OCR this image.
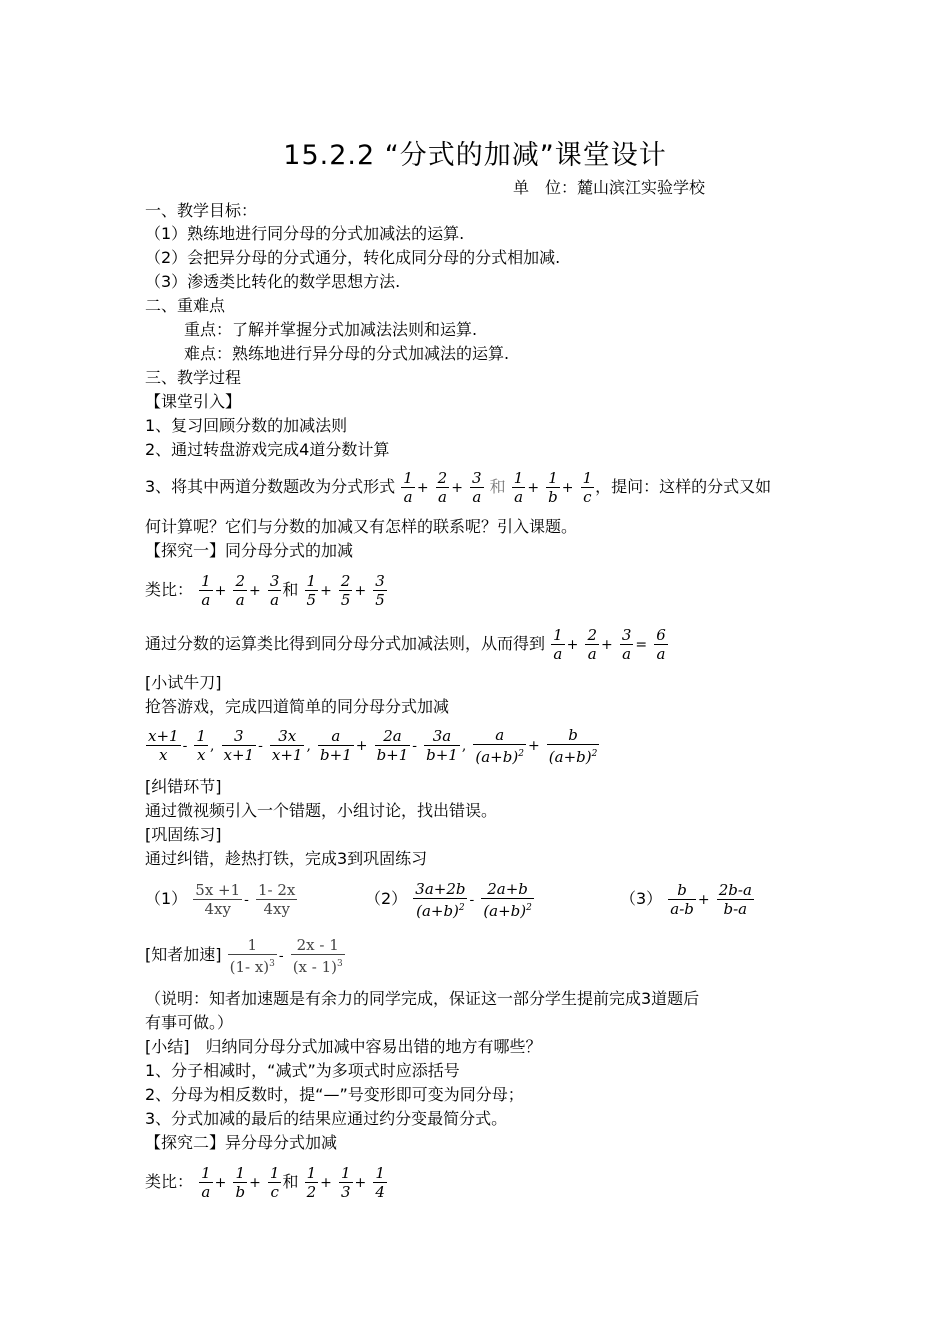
15.2.2 “分式的加减”课堂设计
单　位：麓山滨江实验学校
一、教学目标：
（1）熟练地进行同分母的分式加减法的运算.
（2）会把异分母的分式通分，转化成同分母的分式相加减.
（3）渗透类比转化的数学思想方法.
二、重难点
重点：了解并掌握分式加减法法则和运算.
难点：熟练地进行异分母的分式加减法的运算.
三、教学过程
【课堂引入】
1、复习回顾分数的加减法则
2、通过转盘游戏完成4道分数计算
3、将其中两道分数题改为分式形式 $\frac{1}{a} + \frac{2}{a} + \frac{3}{a}$ 和 $\frac{1}{a} + \frac{1}{b} + \frac{1}{c}$ ，提问：这样的分式又如
何计算呢？它们与分数的加减又有怎样的联系呢？引入课题。
【探究一】同分母分式的加减
类比： $\frac{1}{a} + \frac{2}{a} + \frac{3}{a}$ 和 $\frac{1}{5} + \frac{2}{5} + \frac{3}{5}$
通过分数的运算类比得到同分母分式加减法则，从而得到 $\frac{1}{a} + \frac{2}{a} + \frac{3}{a} = \frac{6}{a}$
[小试牛刀]
抢答游戏，完成四道简单的同分母分式加减
$\frac{x+1}{x} - \frac{1}{x}$ , $\frac{3}{x+1} - \frac{3x}{x+1}$ , $\frac{a}{b+1} + \frac{2a}{b+1} - \frac{3a}{b+1}$ , $\frac{a}{(a+b)^2} + \frac{b}{(a+b)^2}$
[纠错环节]
通过微视频引入一个错题，小组讨论，找出错误。
[巩固练习]
通过纠错，趁热打铁，完成3到巩固练习
$(1) \frac{5x +1}{4xy} - \frac{1- 2x}{4xy}$	$(2) \frac{3a+2b}{(a+b)^2} - \frac{2a+b}{(a+b)^2}$	$(3) \frac{b}{a-b} + \frac{2b-a}{b-a}$
[知者加速] $\frac{1}{(1- x)^3} - \frac{2x - 1}{(x - 1)^3}$
（说明：知者加速题是有余力的同学完成，保证这一部分学生提前完成3道题后
有事可做。）
[小结]　归纳同分母分式加减中容易出错的地方有哪些？
1、分子相减时，“减式”为多项式时应添括号
2、分母为相反数时，提“—”号变形即可变为同分母；
3、分式加减的最后的结果应通过约分变最简分式。
【探究二】异分母分式加减
类比： $\frac{1}{a} + \frac{1}{b} + \frac{1}{c}$ 和 $\frac{1}{2} + \frac{1}{3} + \frac{1}{4}$
